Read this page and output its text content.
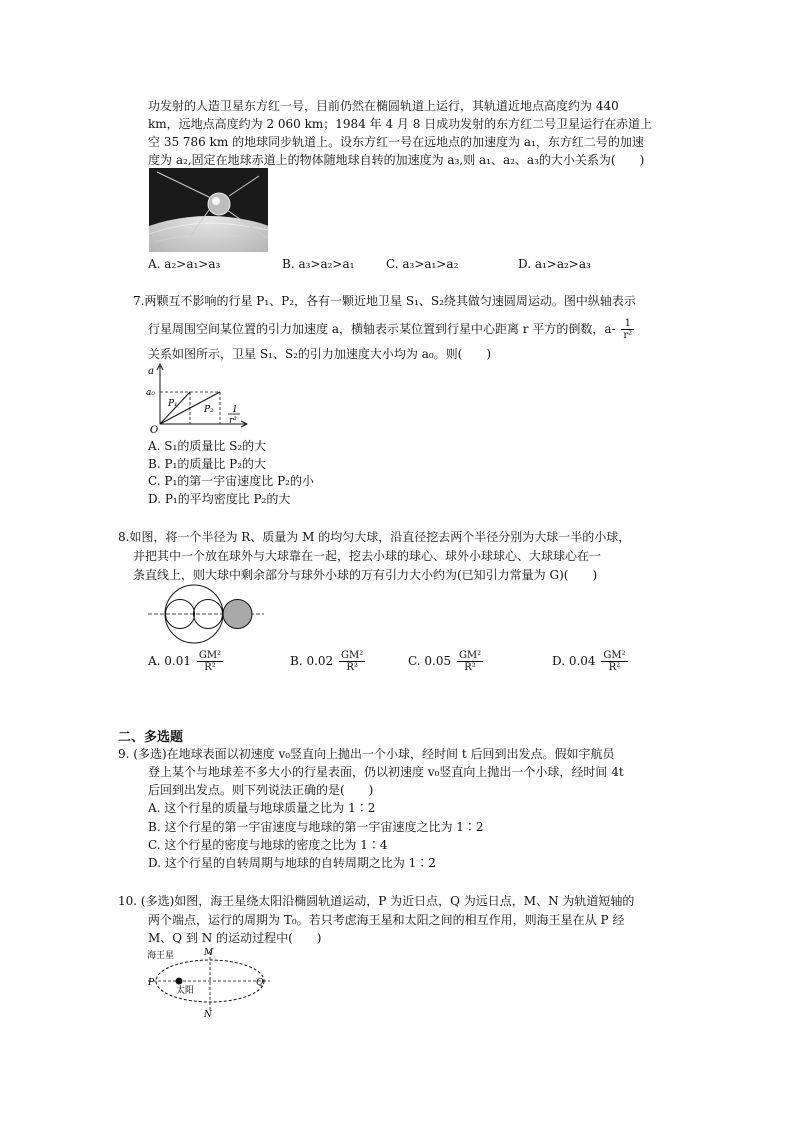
功发射的人造卫星东方红一号，目前仍然在椭圆轨道上运行，其轨道近地点高度约为 440
km，远地点高度约为 2 060 km；1984 年 4 月 8 日成功发射的东方红二号卫星运行在赤道上
空 35 786 km 的地球同步轨道上。设东方红一号在远地点的加速度为 a₁，东方红二号的加速
度为 a₂,固定在地球赤道上的物体随地球自转的加速度为 a₃,则 a₁、a₂、a₃的大小关系为(　　)
A. a₂>a₁>a₃	B. a₃>a₂>a₁	C. a₃>a₁>a₂	D. a₁>a₂>a₃
7.两颗互不影响的行星 P₁、P₂，各有一颗近地卫星 S₁、S₂绕其做匀速圆周运动。图中纵轴表示
行星周围空间某位置的引力加速度 a，横轴表示某位置到行星中心距离 r 平方的倒数，$a- \frac{1}{\text{r²}}$
关系如图所示，卫星 S₁、S₂的引力加速度大小均为 a₀。则(　　)
a
a₀
O
P₁
P₂ 1
r²
A. S₁的质量比 S₂的大
B. P₁的质量比 P₂的大
C. P₁的第一宇宙速度比 P₂的小
D. P₁的平均密度比 P₂的大
8.如图，将一个半径为 R、质量为 M 的均匀大球，沿直径挖去两个半径分别为大球一半的小球，
并把其中一个放在球外与大球靠在一起，挖去小球的球心、球外小球球心、大球球心在一
条直线上，则大球中剩余部分与球外小球的万有引力大小约为(已知引力常量为 G)(　　)
A. $0.01 \frac{\text{GM²}}{\text{R²}}$	B. $0.02 \frac{\text{GM²}}{\text{R²}}$	C. $0.05 \frac{\text{GM²}}{\text{R²}}$	D. $0.04 \frac{\text{GM²}}{\text{R²}}$
二、多选题
9. (多选)在地球表面以初速度 v₀竖直向上抛出一个小球，经时间 t 后回到出发点。假如宇航员
登上某个与地球差不多大小的行星表面，仍以初速度 v₀竖直向上抛出一个小球，经时间 4t
后回到出发点。则下列说法正确的是(　　)
A. 这个行星的质量与地球质量之比为 1∶2
B. 这个行星的第一宇宙速度与地球的第一宇宙速度之比为 1∶2
C. 这个行星的密度与地球的密度之比为 1∶4
D. 这个行星的自转周期与地球的自转周期之比为 1∶2
10. (多选)如图，海王星绕太阳沿椭圆轨道运动，P 为近日点，Q 为远日点，M、N 为轨道短轴的
两个端点，运行的周期为 T₀。若只考虑海王星和太阳之间的相互作用，则海王星在从 P 经
M、Q 到 N 的运动过程中(　　)
海王星
太阳
P	Q
M
N
